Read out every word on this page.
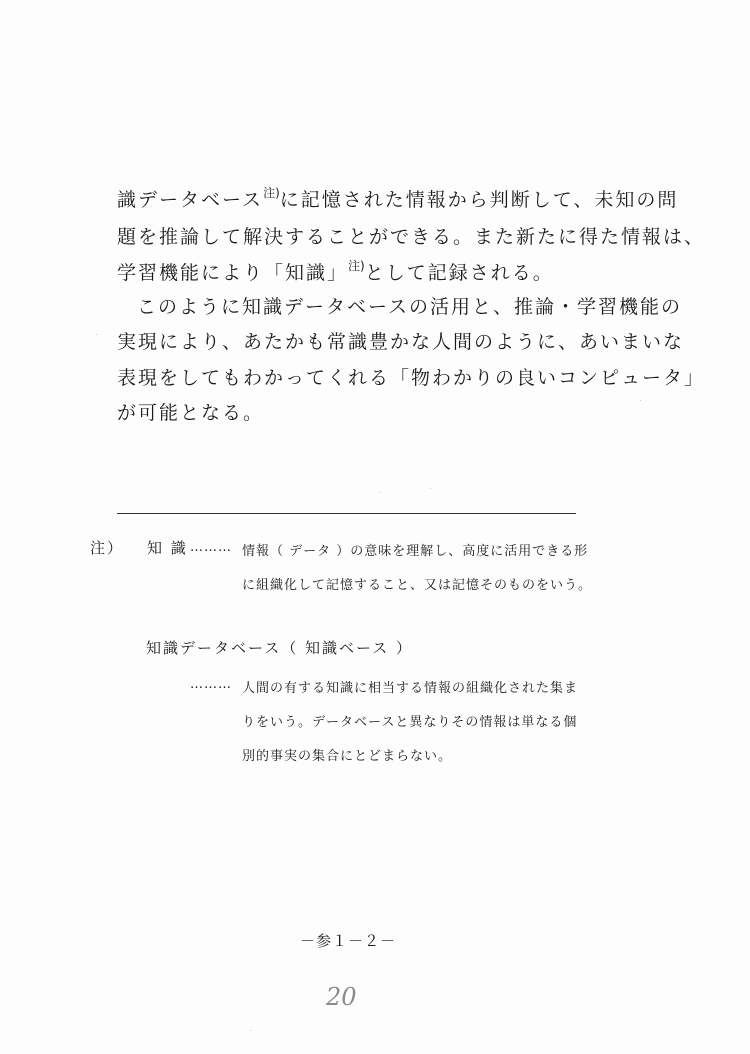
識データベース$^{注)}$に記憶された情報から判断して、未知の問
題を推論して解決することができる。また新たに得た情報は、
学習機能により「知識」$^{注)}$として記録される。
このように知識データベースの活用と、推論・学習機能の
実現により、あたかも常識豊かな人間のように、あいまいな
表現をしてもわかってくれる「物わかりの良いコンピュータ」
が可能となる。
注） 知 識 ……… 情報（ データ ）の意味を理解し、高度に活用できる形
に組織化して記憶すること、又は記憶そのものをいう。
知識データベース（ 知識ベース ）
……… 人間の有する知識に相当する情報の組織化された集ま
りをいう。データベースと異なりその情報は単なる個
別的事実の集合にとどまらない。
－参１－２－
20
